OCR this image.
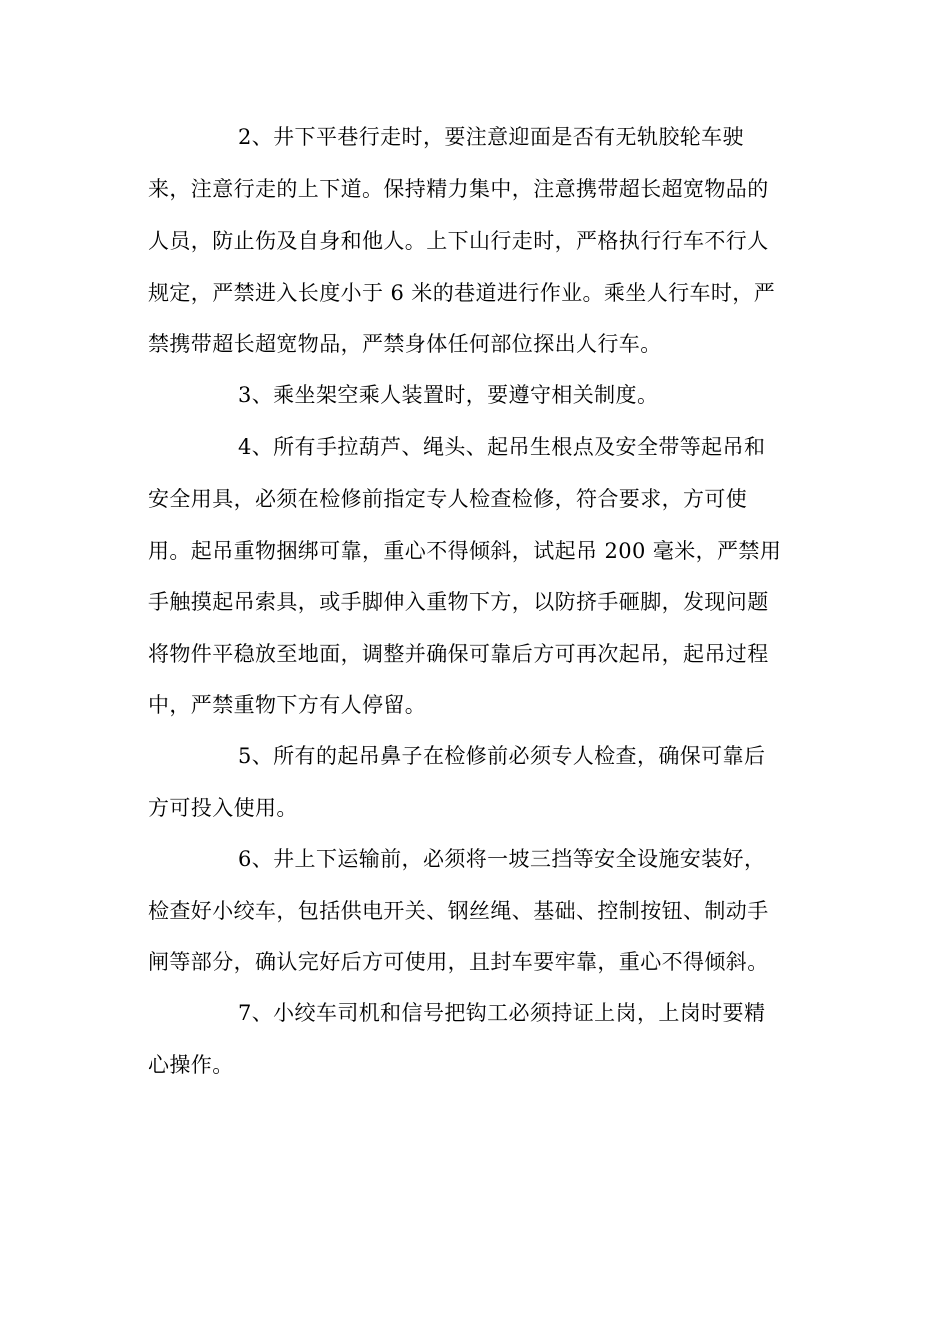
2、井下平巷行走时，要注意迎面是否有无轨胶轮车驶
来，注意行走的上下道。保持精力集中，注意携带超长超宽物品的
人员，防止伤及自身和他人。上下山行走时，严格执行行车不行人
规定，严禁进入长度小于 6 米的巷道进行作业。乘坐人行车时，严
禁携带超长超宽物品，严禁身体任何部位探出人行车。
3、乘坐架空乘人装置时，要遵守相关制度。
4、所有手拉葫芦、绳头、起吊生根点及安全带等起吊和
安全用具，必须在检修前指定专人检查检修，符合要求，方可使
用。起吊重物捆绑可靠，重心不得倾斜，试起吊 200 毫米，严禁用
手触摸起吊索具，或手脚伸入重物下方，以防挤手砸脚，发现问题
将物件平稳放至地面，调整并确保可靠后方可再次起吊，起吊过程
中，严禁重物下方有人停留。
5、所有的起吊鼻子在检修前必须专人检查，确保可靠后
方可投入使用。
6、井上下运输前，必须将一坡三挡等安全设施安装好，
检查好小绞车，包括供电开关、钢丝绳、基础、控制按钮、制动手
闸等部分，确认完好后方可使用，且封车要牢靠，重心不得倾斜。
7、小绞车司机和信号把钩工必须持证上岗，上岗时要精
心操作。
